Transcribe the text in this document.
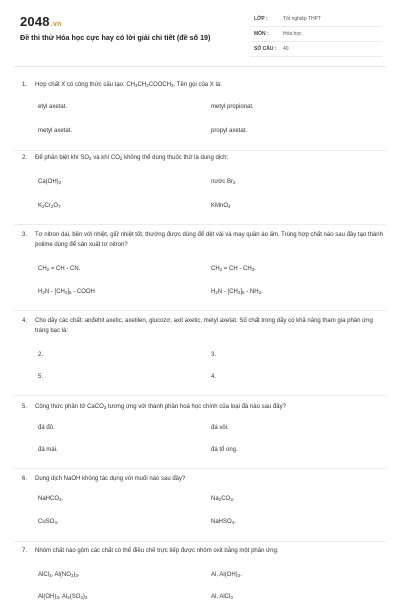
2048.vn
Đề thi thử Hóa học cực hay có lời giải chi tiết (đề số 19)
LỚP :	Tốt nghiệp THPT
MÔN :	Hóa học
SỐ CÂU : 40
1. Hợp chất X có công thức cấu tạo: $CH_3CH_2COOCH_3$. Tên gọi của X là:
etyl axetat.	metyl propionat.
metyl axetat.	propyl axetat.
2. Để phân biệt khí $SO_2$ và khí $CO_2$ không thể dùng thuốc thử là dung dịch:
$Ca(OH)_2$	nước $Br_2$
$K_2Cr_2O_7$	KMnO$_4$
3. Tơ nitron dai, bền với nhiệt, giữ nhiệt tốt, thường được dùng để dệt vải và may quần áo ấm. Trùng hợp chất nào sau đây tạo thành polime dùng để sản xuất tơ nitron?
$CH_2$ = CH - CN.	$CH_2$ = CH - $CH_3$.
$H_2N - [CH_2]_5$ - COOH	$H_2N - [CH_2]_6 - NH_2$.
4. Cho dãy các chất: anđehit axetic, axetilen, glucozơ, axit axetic, metyl axetat. Số chất trong dãy có khả năng tham gia phản ứng tráng bạc là:
2.	3.
5.	4.
5. Công thức phân tử CaCO$_3$ tương ứng với thành phần hoá học chính của loại đá nào sau đây?
đá đỏ.	đá vôi.
đá mài.	đá tổ ong.
6. Dung dịch NaOH không tác dụng với muối nào sau đây?
NaHCO$_3$.	$Na_2CO_3$.
CuSO$_4$.	NaHSO$_4$.
7. Nhóm chất nào gồm các chất có thể điều chế trực tiếp được nhôm oxit bằng một phản ứng:
AlCl$_3$, $Al(NO_3)_3$.	Al, $Al(OH)_3$.
$Al(OH)_3$, $Al_2(SO_4)_3$	Al, AlCl$_3$
